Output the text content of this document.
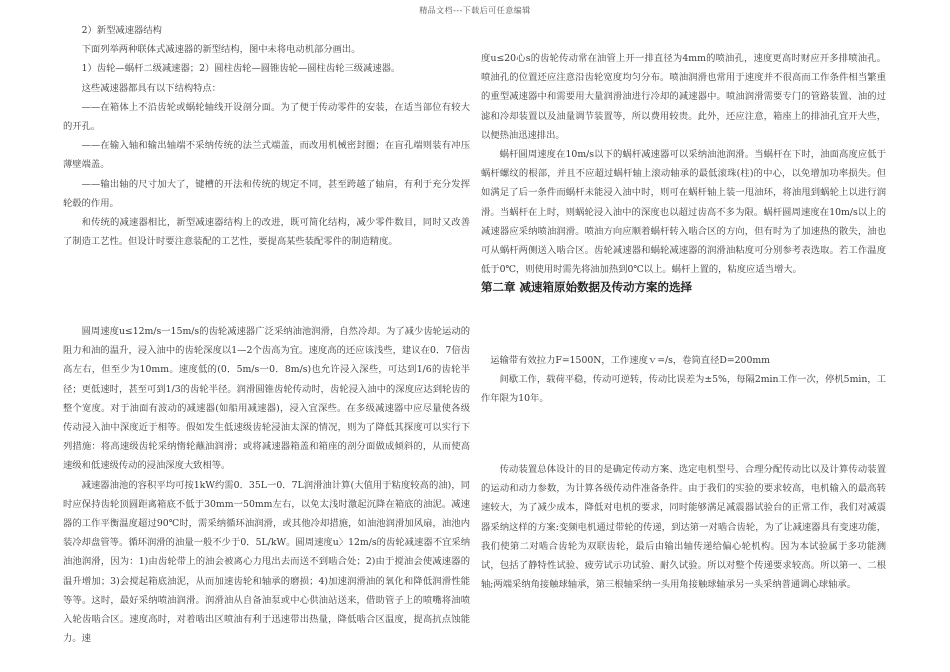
精品文档---下载后可任意编辑

2）新型减速器结构

下面列举两种联体式减速器的新型结构，图中未将电动机部分画出。

1）齿轮—蜗杆二级减速器；2）圆柱齿轮—圆锥齿轮—圆柱齿轮三级减速器。

这些减速器都具有以下结构特点：

——在箱体上不沿齿轮或蜗轮轴线开设剖分面。为了便于传动零件的安装，在适当部位有较大的开孔。

——在输入轴和输出轴端不采纳传统的法兰式端盖，而改用机械密封圈；在盲孔端则装有冲压薄壁端盖。

——输出轴的尺寸加大了，键槽的开法和传统的规定不同，甚至跨越了轴肩，有利于充分发挥轮毂的作用。

和传统的减速器相比，新型减速器结构上的改进，既可简化结构，减少零件数目，同时又改善了制造工艺性。但设计时要注意装配的工艺性，要提高某些装配零件的制造精度。

圆周速度u≤12m/s一15m/s的齿轮减速器广泛采纳油池润滑，自然冷却。为了减少齿轮运动的阻力和油的温升，浸入油中的齿轮深度以1—2个齿高为宜。速度高的还应该浅些，建议在0．7倍齿高左右，但至少为10mm。速度低的(0．5m/s一0．8m/s)也允许浸入深些，可达到1/6的齿轮半径；更低速时，甚至可到1/3的齿轮半径。润滑圆锥齿轮传动时，齿轮浸入油中的深度应达到轮齿的整个宽度。对于油面有波动的减速器(如船用减速器)，浸入宜深些。在多级减速器中应尽量使各级传动浸入油中深度近于相等。假如发生低速级齿轮浸油太深的情况，则为了降低其探度可以实行下列措施：将高速级齿轮采纳惰轮蘸油润滑；或将减速器箱盖和箱座的剖分面做成倾斜的，从而使高速级和低速级传动的浸油深度大致相等。

减速器油池的容积平均可按1kW约需0．35L一0．7L润滑油计算(大值用于粘度较高的油)，同时应保持齿轮顶圆距离箱底不低于30mm一50mm左右，以免太浅时激起沉降在箱底的油泥。减速器的工作平衡温度超过90℃时，需采纳循环油润滑，或其他冷却措施，如油池润滑加风扇，油池内装冷却盘管等。循环润滑的油量一般不少于0．5L/kW。圆周速度u〉12m/s的齿轮减速器不宜采纳油池润滑，因为：1)由齿轮带上的油会被离心力甩出去而送不到啮合处；2)由于搅油会使减速器的温升增加；3)会搅起箱底油泥，从而加速齿轮和轴承的磨损；4)加速润滑油的氧化和降低润滑性能等等。这时，最好采纳喷油润滑。润滑油从自备油泵或中心供油站送来，借助管子上的喷嘴将油喷入轮齿啮合区。速度高时，对着啮出区喷油有利于迅速带出热量，降低啮合区温度，提高抗点蚀能力。速

度u≤20心s的齿轮传动常在油管上开一排直径为4mm的喷油孔，速度更高时财应开多排喷油孔。喷油孔的位置还应注意沿齿轮宽度均匀分布。喷油润滑也常用于速度并不很高而工作条件相当繁重的重型减速器中和需要用大量润滑油进行冷却的减速器中。喷油润滑需要专门的管路装置、油的过滤和冷却装置以及油量调节装置等，所以费用较贵。此外，还应注意，箱座上的排油孔宜开大些，以便热油迅速排出。

蜗杆圆周速度在10m/s以下的蜗杆减速器可以采纳油池润滑。当蜗杆在下时，油面高度应低于蜗杆螺纹的根部，并且不应超过蜗杆轴上滚动轴承的最低滚珠(柱)的中心，以免增加功率损失。但如满足了后一条件而蜗杆未能浸入油中时，则可在蜗杆轴上装一甩油环，将油甩到蜗轮上以进行润滑。当蜗杆在上时，则蜗轮浸入油中的深度也以超过齿高不多为限。蜗杆圆周速度在10m/s以上的减速器应采纳喷油润滑。喷油方向应顺着蜗杆转入啮合区的方向，但有时为了加速热的散失，油也可从蜗杆两侧送入啮合区。齿轮减速器和蜗轮减速器的润滑油粘度可分别参考表选取。若工作温度低于0℃，则使用时需先将油加热到0℃以上。蜗杆上置的，粘度应适当增大。

第二章 减速箱原始数据及传动方案的选择

运输带有效拉力F=1500N，工作速度ｖ=/s，卷筒直径D=200mm

间歇工作，载荷平稳，传动可逆转，传动比误差为±5%，每隔2min工作一次，停机5min，工作年限为10年。

传动装置总体设计的目的是确定传动方案、选定电机型号、合理分配传动比以及计算传动装置的运动和动力参数，为计算各级传动件准备条件。由于我们的实验的要求较高，电机输入的最高转速较大，为了减少成本，降低对电机的要求，同时能够满足减震器试验台的正常工作，我们对减震器采纳这样的方案:变频电机通过带轮的传递，到达第一对啮合齿轮，为了让减速器具有变速功能，我们使第二对啮合齿轮为双联齿轮，最后由输出轴传递给偏心轮机构。因为本试验属于多功能测试，包括了静特性试验、疲劳试示功试验、耐久试验。所以对整个传递要求较高。所以第一、二根轴;两端采纳角接触球轴承，第三根轴采纳一头用角接触球轴承另一头采纳普通调心球轴承。
